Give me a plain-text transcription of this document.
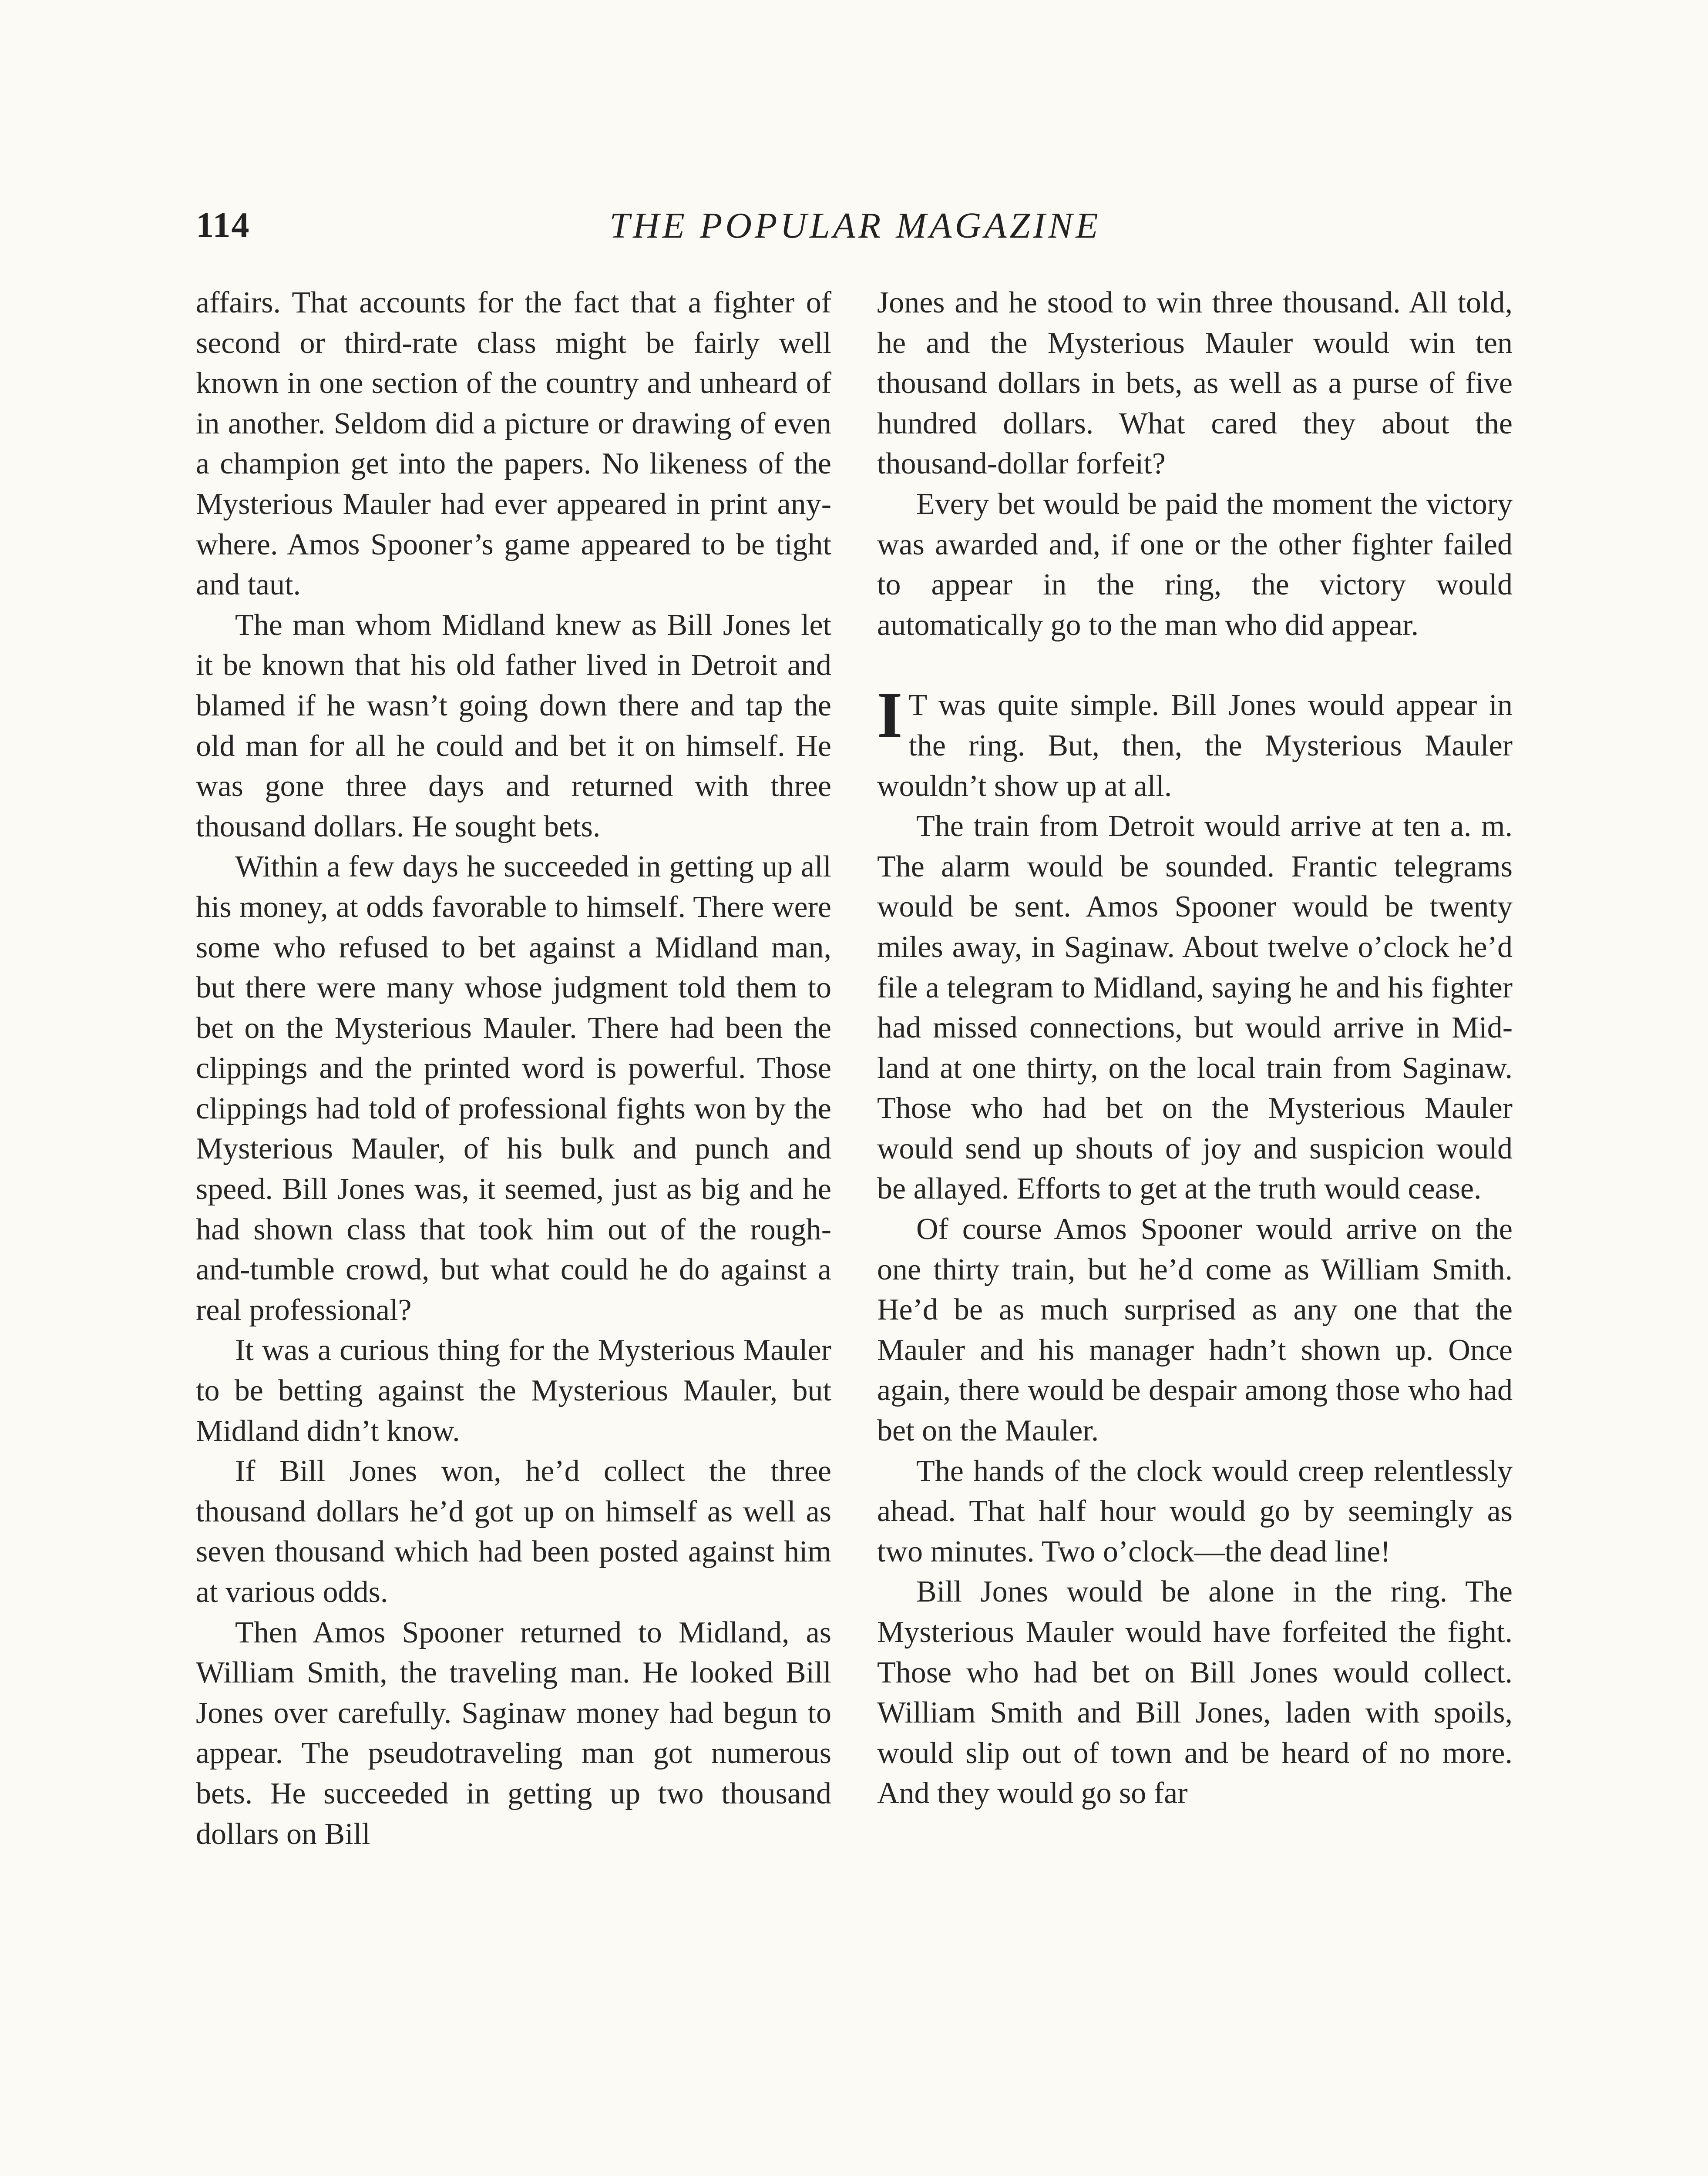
114	THE POPULAR MAGAZINE

affairs. That accounts for the fact that a fighter of second or third-rate class might be fairly well known in one section of the country and unheard of in another. Seldom did a picture or drawing of even a champion get into the papers. No likeness of the Mysterious Mauler had ever appeared in print anywhere. Amos Spooner’s game appeared to be tight and taut.

The man whom Midland knew as Bill Jones let it be known that his old father lived in Detroit and blamed if he wasn’t going down there and tap the old man for all he could and bet it on himself. He was gone three days and returned with three thousand dollars. He sought bets.

Within a few days he succeeded in getting up all his money, at odds favorable to himself. There were some who refused to bet against a Midland man, but there were many whose judgment told them to bet on the Mysterious Mauler. There had been the clippings and the printed word is powerful. Those clippings had told of professional fights won by the Mysterious Mauler, of his bulk and punch and speed. Bill Jones was, it seemed, just as big and he had shown class that took him out of the rough-and-tumble crowd, but what could he do against a real professional?

It was a curious thing for the Mysterious Mauler to be betting against the Mysterious Mauler, but Midland didn’t know.

If Bill Jones won, he’d collect the three thousand dollars he’d got up on himself as well as seven thousand which had been posted against him at various odds.

Then Amos Spooner returned to Midland, as William Smith, the traveling man. He looked Bill Jones over carefully. Saginaw money had begun to appear. The pseudotraveling man got numerous bets. He succeeded in getting up two thousand dollars on Bill

Jones and he stood to win three thousand. All told, he and the Mysterious Mauler would win ten thousand dollars in bets, as well as a purse of five hundred dollars. What cared they about the thousand-dollar forfeit?

Every bet would be paid the moment the victory was awarded and, if one or the other fighter failed to appear in the ring, the victory would automatically go to the man who did appear.

I T was quite simple. Bill Jones would appear in the ring. But, then, the Mysterious Mauler wouldn’t show up at all.

The train from Detroit would arrive at ten a. m. The alarm would be sounded. Frantic telegrams would be sent. Amos Spooner would be twenty miles away, in Saginaw. About twelve o’clock he’d file a telegram to Midland, saying he and his fighter had missed connections, but would arrive in Midland at one thirty, on the local train from Saginaw. Those who had bet on the Mysterious Mauler would send up shouts of joy and suspicion would be allayed. Efforts to get at the truth would cease.

Of course Amos Spooner would arrive on the one thirty train, but he’d come as William Smith. He’d be as much surprised as any one that the Mauler and his manager hadn’t shown up. Once again, there would be despair among those who had bet on the Mauler.

The hands of the clock would creep relentlessly ahead. That half hour would go by seemingly as two minutes. Two o’clock—the dead line!

Bill Jones would be alone in the ring. The Mysterious Mauler would have forfeited the fight. Those who had bet on Bill Jones would collect. William Smith and Bill Jones, laden with spoils, would slip out of town and be heard of no more. And they would go so far
